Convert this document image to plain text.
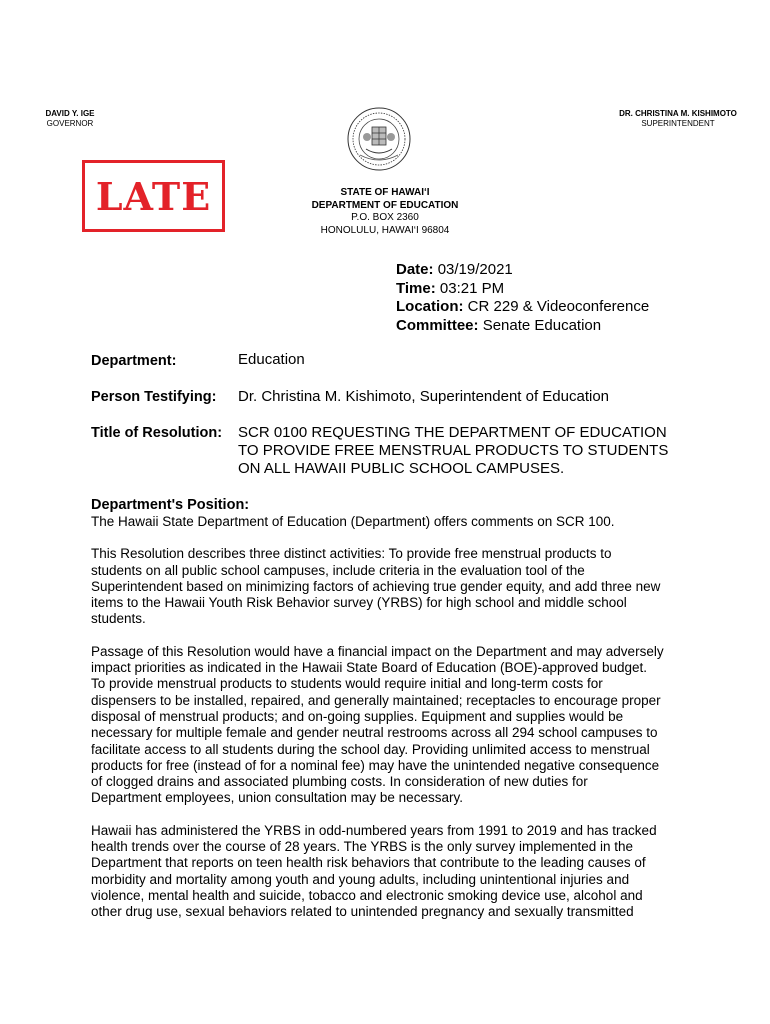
DAVID Y. IGE
GOVERNOR
DR. CHRISTINA M. KISHIMOTO
SUPERINTENDENT
LATE	STATE OF HAWAI‘I
DEPARTMENT OF EDUCATION
P.O. BOX 2360
HONOLULU, HAWAI‘I 96804
Date: 03/19/2021
Time: 03:21 PM
Location: CR 229 & Videoconference
Committee: Senate Education
Department:	Education
Person Testifying: Dr. Christina M. Kishimoto, Superintendent of Education
Title of Resolution: SCR 0100 REQUESTING THE DEPARTMENT OF EDUCATION
TO PROVIDE FREE MENSTRUAL PRODUCTS TO STUDENTS
ON ALL HAWAII PUBLIC SCHOOL CAMPUSES.
Department's Position:
The Hawaii State Department of Education (Department) offers comments on SCR 100.
This Resolution describes three distinct activities: To provide free menstrual products to
students on all public school campuses, include criteria in the evaluation tool of the
Superintendent based on minimizing factors of achieving true gender equity, and add three new
items to the Hawaii Youth Risk Behavior survey (YRBS) for high school and middle school
students.
Passage of this Resolution would have a financial impact on the Department and may adversely
impact priorities as indicated in the Hawaii State Board of Education (BOE)-approved budget.
To provide menstrual products to students would require initial and long-term costs for
dispensers to be installed, repaired, and generally maintained; receptacles to encourage proper
disposal of menstrual products; and on-going supplies. Equipment and supplies would be
necessary for multiple female and gender neutral restrooms across all 294 school campuses to
facilitate access to all students during the school day. Providing unlimited access to menstrual
products for free (instead of for a nominal fee) may have the unintended negative consequence
of clogged drains and associated plumbing costs. In consideration of new duties for
Department employees, union consultation may be necessary.
Hawaii has administered the YRBS in odd-numbered years from 1991 to 2019 and has tracked
health trends over the course of 28 years. The YRBS is the only survey implemented in the
Department that reports on teen health risk behaviors that contribute to the leading causes of
morbidity and mortality among youth and young adults, including unintentional injuries and
violence, mental health and suicide, tobacco and electronic smoking device use, alcohol and
other drug use, sexual behaviors related to unintended pregnancy and sexually transmitted
